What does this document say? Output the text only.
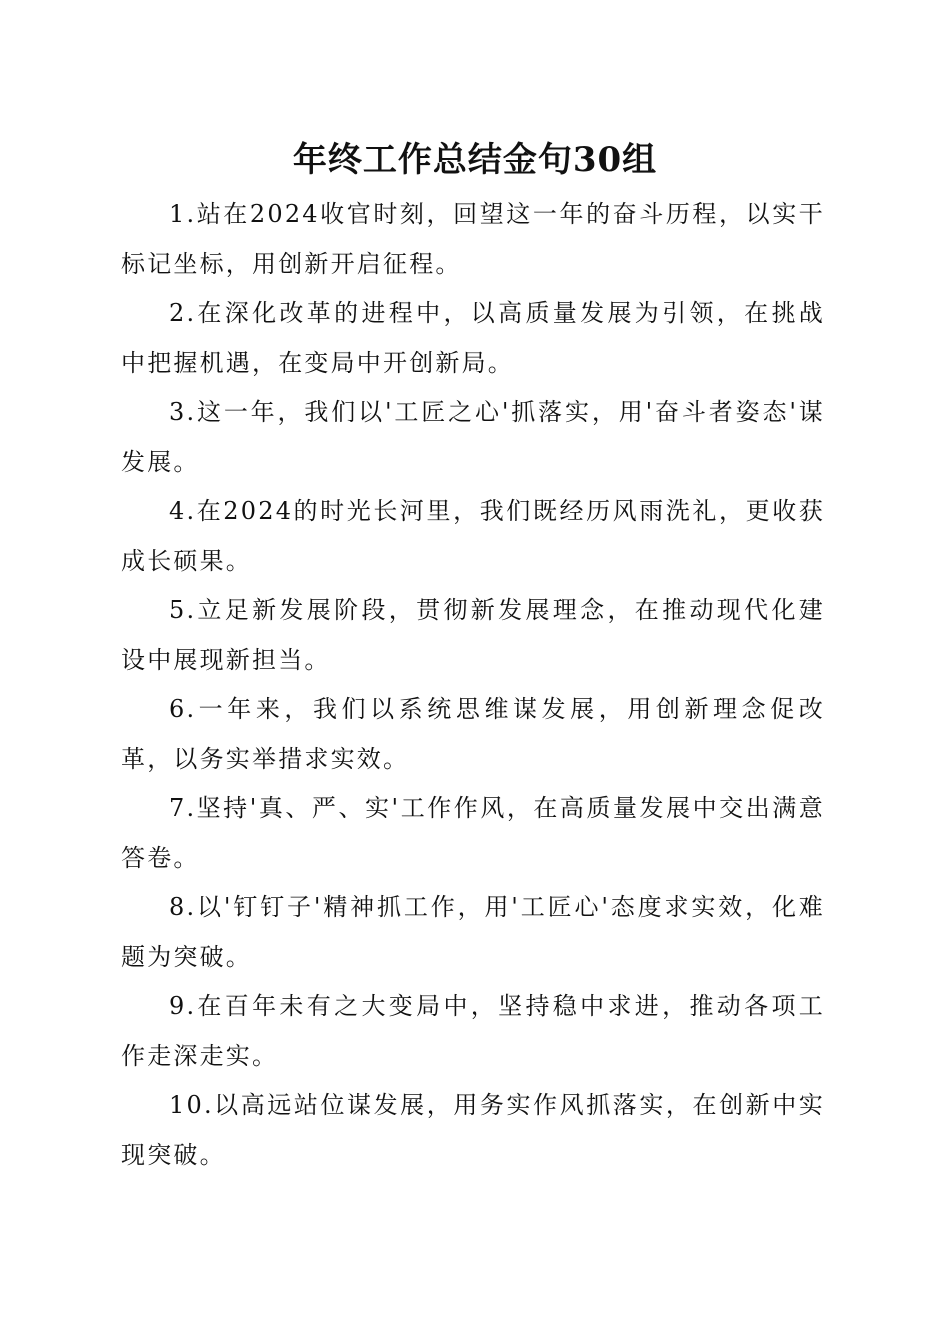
年终工作总结金句30组

1.站在2024收官时刻，回望这一年的奋斗历程，以实干标记坐标，用创新开启征程。

2.在深化改革的进程中，以高质量发展为引领，在挑战中把握机遇，在变局中开创新局。

3.这一年，我们以'工匠之心'抓落实，用'奋斗者姿态'谋发展。

4.在2024的时光长河里，我们既经历风雨洗礼，更收获成长硕果。

5.立足新发展阶段，贯彻新发展理念，在推动现代化建设中展现新担当。

6.一年来，我们以系统思维谋发展，用创新理念促改革，以务实举措求实效。

7.坚持'真、严、实'工作作风，在高质量发展中交出满意答卷。

8.以'钉钉子'精神抓工作，用'工匠心'态度求实效，化难题为突破。

9.在百年未有之大变局中，坚持稳中求进，推动各项工作走深走实。

10.以高远站位谋发展，用务实作风抓落实，在创新中实现突破。
